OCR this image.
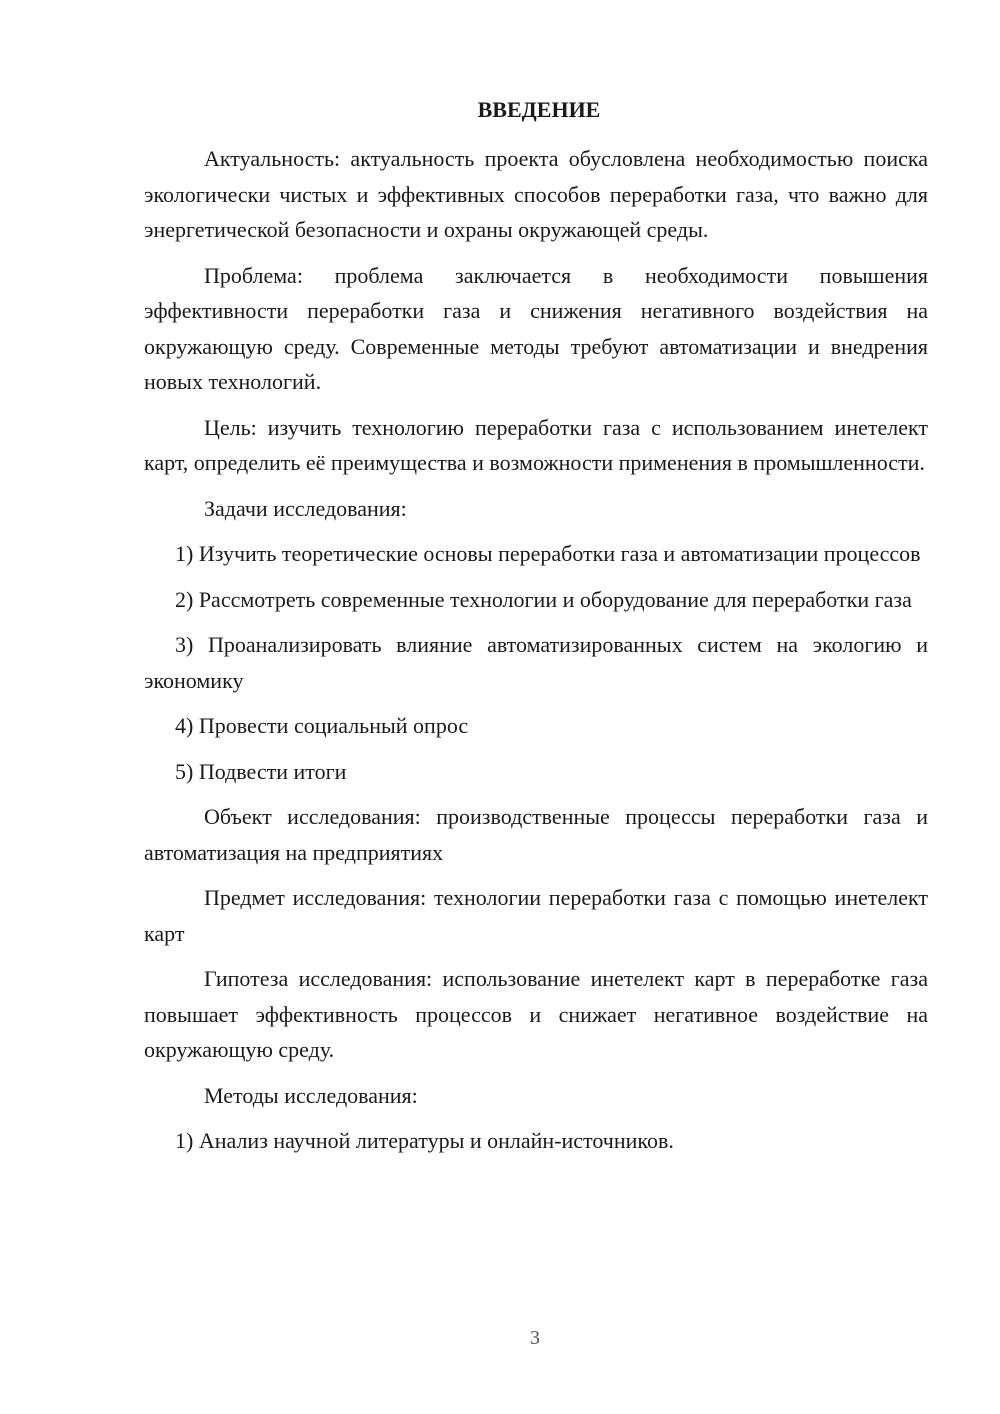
ВВЕДЕНИЕ

Актуальность: актуальность проекта обусловлена необходимостью поиска экологически чистых и эффективных способов переработки газа, что важно для энергетической безопасности и охраны окружающей среды.

Проблема: проблема заключается в необходимости повышения эффективности переработки газа и снижения негативного воздействия на окружающую среду. Современные методы требуют автоматизации и внедрения новых технологий.

Цель: изучить технологию переработки газа с использованием инетелект карт, определить её преимущества и возможности применения в промышленности.

Задачи исследования:

1) Изучить теоретические основы переработки газа и автоматизации процессов

2) Рассмотреть современные технологии и оборудование для переработки газа

3) Проанализировать влияние автоматизированных систем на экологию и экономику

4) Провести социальный опрос

5) Подвести итоги

Объект исследования: производственные процессы переработки газа и автоматизация на предприятиях

Предмет исследования: технологии переработки газа с помощью инетелект карт

Гипотеза исследования: использование инетелект карт в переработке газа повышает эффективность процессов и снижает негативное воздействие на окружающую среду.

Методы исследования:

1) Анализ научной литературы и онлайн-источников.

3
